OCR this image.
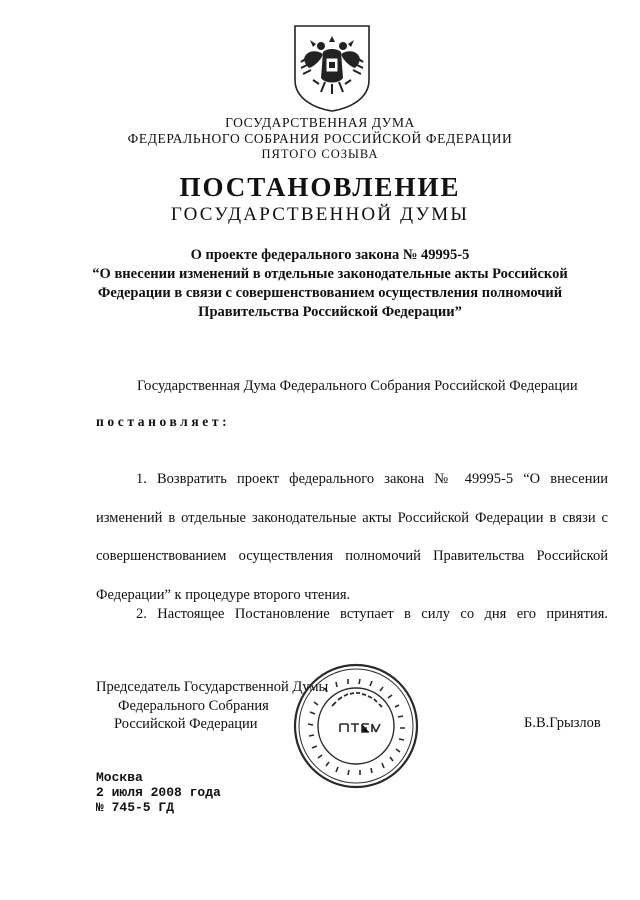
ГОСУДАРСТВЕННАЯ ДУМА
ФЕДЕРАЛЬНОГО СОБРАНИЯ РОССИЙСКОЙ ФЕДЕРАЦИИ
ПЯТОГО СОЗЫВА
ПОСТАНОВЛЕНИЕ
ГОСУДАРСТВЕННОЙ ДУМЫ
О проекте федерального закона № 49995-5
“О внесении изменений в отдельные законодательные акты Российской
Федерации в связи с совершенствованием осуществления полномочий
Правительства Российской Федерации”
Государственная Дума Федерального Собрания Российской Федерации
постановляет:
1. Возвратить проект федерального закона № 49995-5 “О внесении изменений в отдельные законодательные акты Российской Федерации в связи с совершенствованием осуществления полномочий Правительства Российской Федерации” к процедуре второго чтения.
2. Настоящее Постановление вступает в силу со дня его принятия.
Председатель Государственной Думы
Федерального Собрания
Российской Федерации	Б.В.Грызлов
Москва
2 июля 2008 года
№ 745-5 ГД
